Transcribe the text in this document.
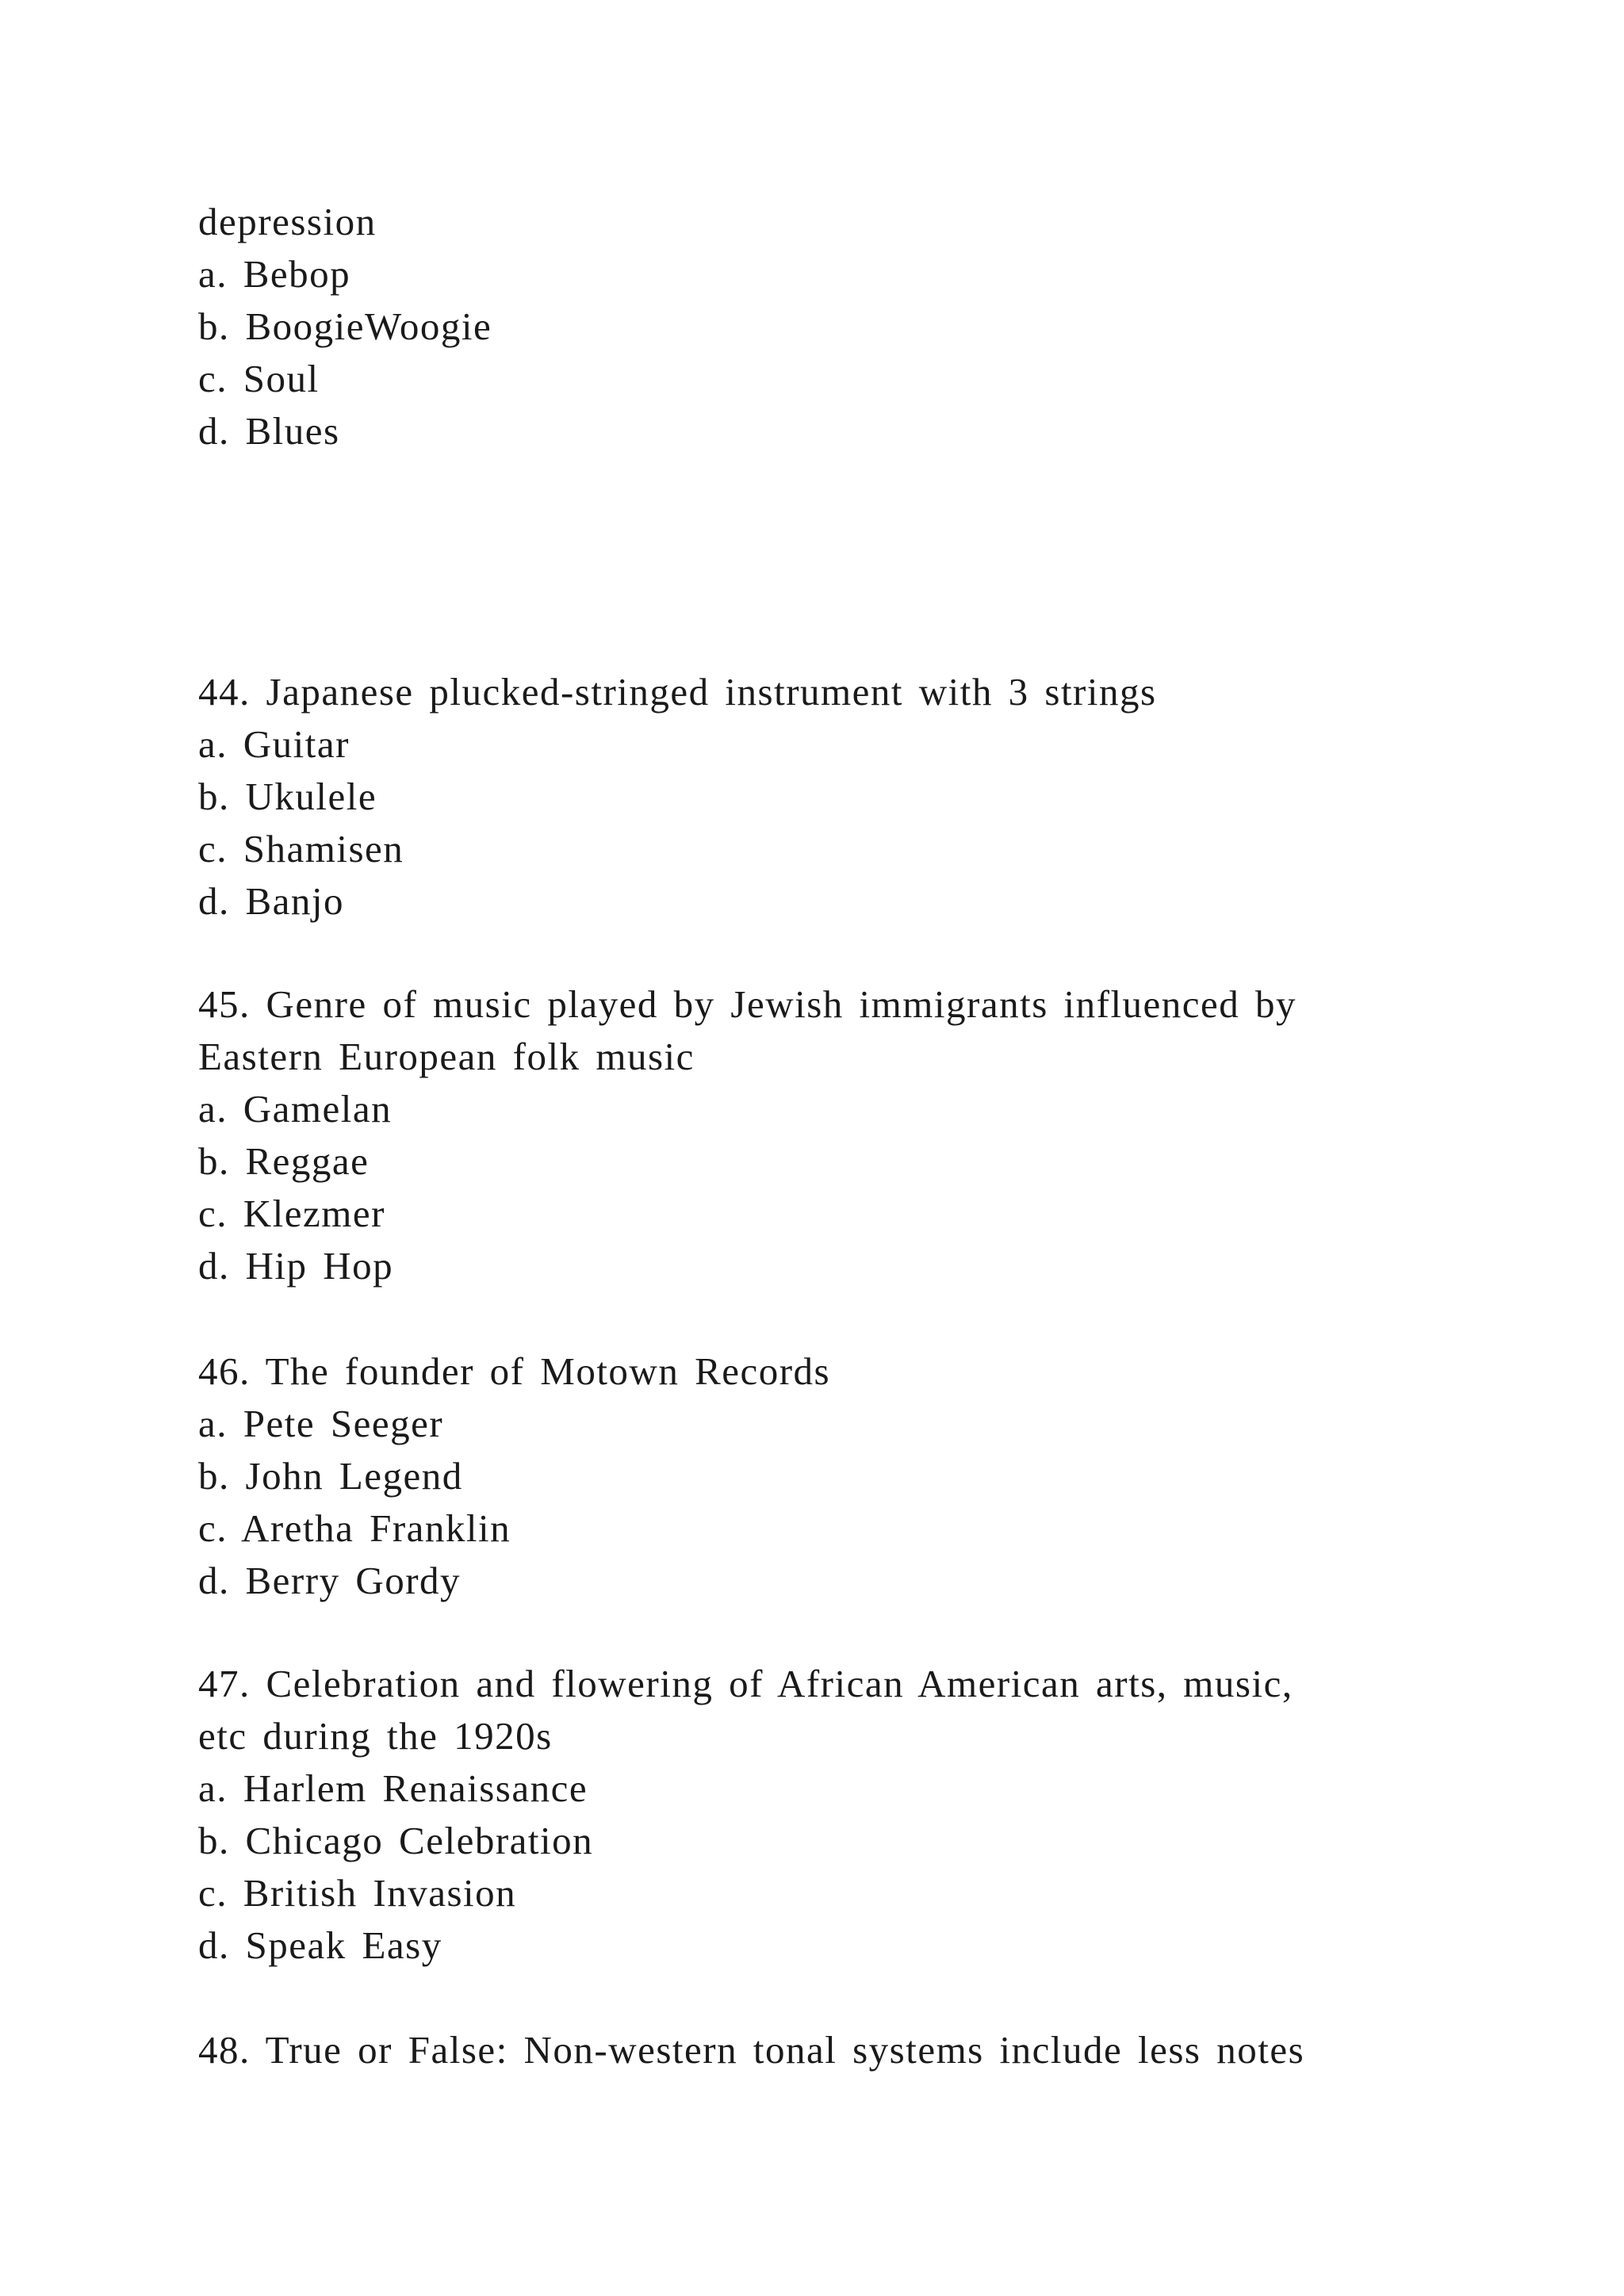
depression
a. Bebop
b. BoogieWoogie
c. Soul
d. Blues
44. Japanese plucked-stringed instrument with 3 strings
a. Guitar
b. Ukulele
c. Shamisen
d. Banjo
45. Genre of music played by Jewish immigrants influenced by
Eastern European folk music
a. Gamelan
b. Reggae
c. Klezmer
d. Hip Hop
46. The founder of Motown Records
a. Pete Seeger
b. John Legend
c. Aretha Franklin
d. Berry Gordy
47. Celebration and flowering of African American arts, music,
etc during the 1920s
a. Harlem Renaissance
b. Chicago Celebration
c. British Invasion
d. Speak Easy
48. True or False: Non-western tonal systems include less notes
